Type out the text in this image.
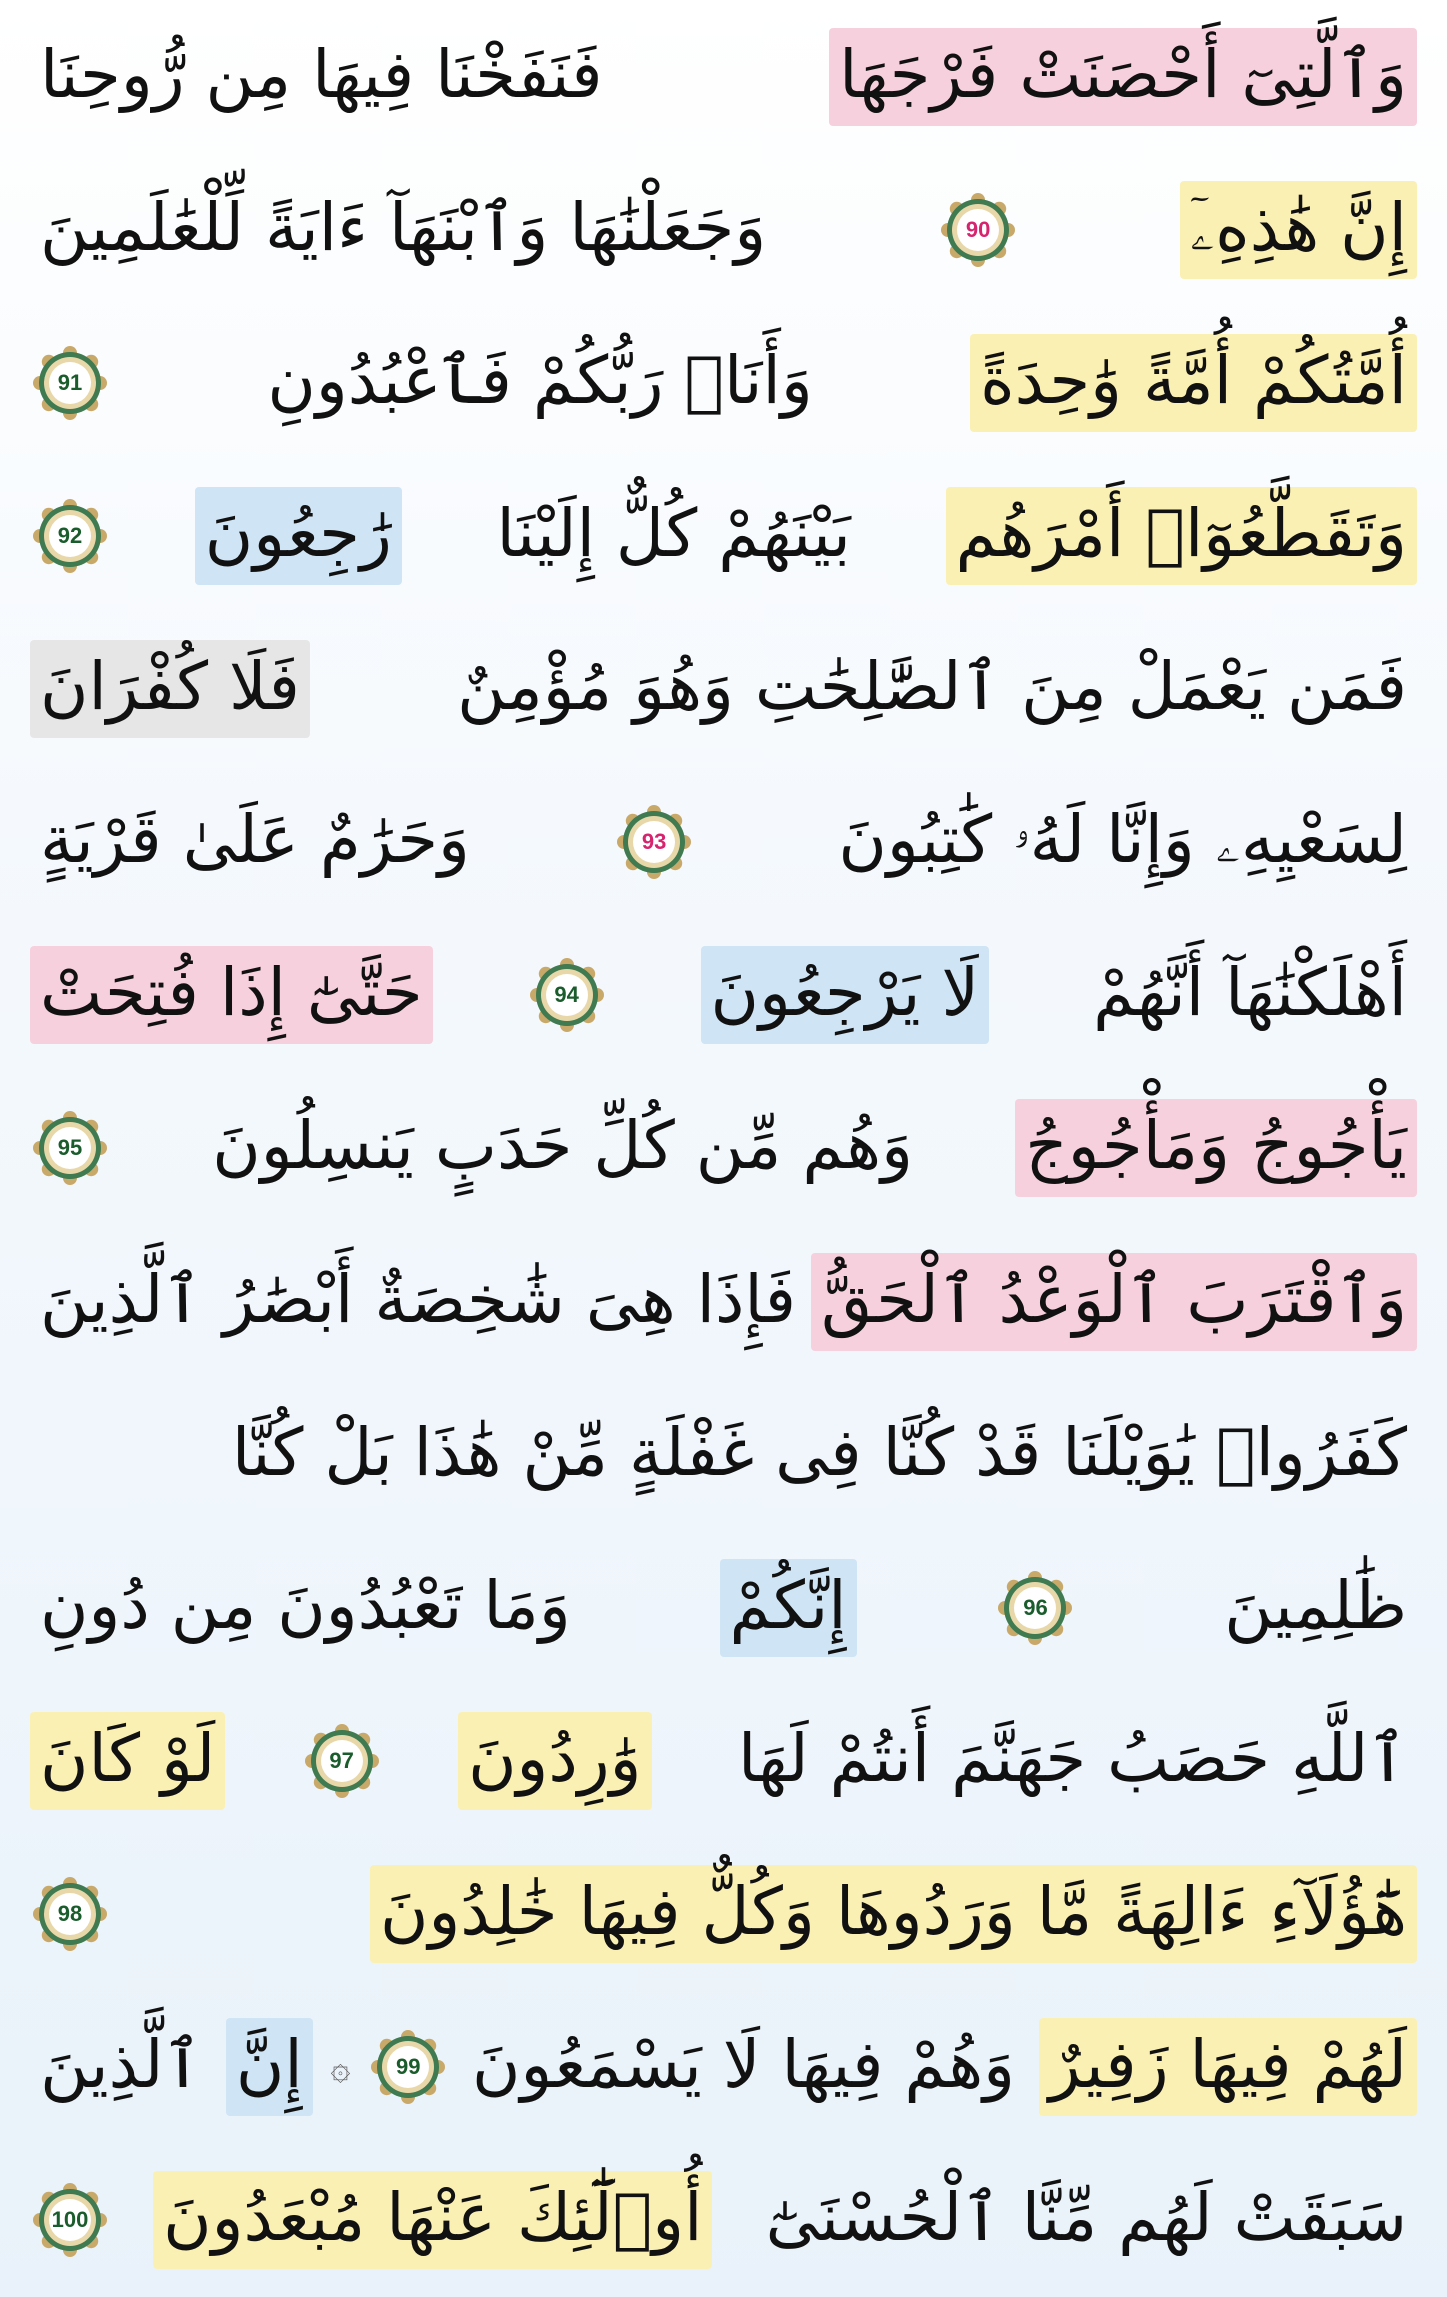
وَٱلَّتِىٓ أَحْصَنَتْ فَرْجَهَا
فَنَفَخْنَا فِيهَا مِن رُّوحِنَا
إِنَّ هَٰذِهِۦٓ
90
وَجَعَلْنَٰهَا وَٱبْنَهَآ ءَايَةً لِّلْعَٰلَمِينَ
أُمَّتُكُمْ أُمَّةً وَٰحِدَةً
وَأَنَا۠ رَبُّكُمْ فَٱعْبُدُونِ
91
وَتَقَطَّعُوٓا۟ أَمْرَهُم
بَيْنَهُمْ كُلٌّ إِلَيْنَا
رَٰجِعُونَ
92
فَمَن يَعْمَلْ مِنَ ٱلصَّٰلِحَٰتِ وَهُوَ مُؤْمِنٌ
فَلَا كُفْرَانَ
لِسَعْيِهِۦ وَإِنَّا لَهُۥ كَٰتِبُونَ
93
وَحَرَٰمٌ عَلَىٰ قَرْيَةٍ
أَهْلَكْنَٰهَآ أَنَّهُمْ
لَا يَرْجِعُونَ
94
حَتَّىٰٓ إِذَا فُتِحَتْ
يَأْجُوجُ وَمَأْجُوجُ
وَهُم مِّن كُلِّ حَدَبٍ يَنسِلُونَ
95
وَٱقْتَرَبَ ٱلْوَعْدُ ٱلْحَقُّ
فَإِذَا هِىَ شَٰخِصَةٌ أَبْصَٰرُ ٱلَّذِينَ
كَفَرُوا۟ يَٰوَيْلَنَا قَدْ كُنَّا فِى غَفْلَةٍ مِّنْ هَٰذَا بَلْ كُنَّا
ظَٰلِمِينَ
96
إِنَّكُمْ
وَمَا تَعْبُدُونَ مِن دُونِ
ٱللَّهِ حَصَبُ جَهَنَّمَ أَنتُمْ لَهَا
وَٰرِدُونَ
97
لَوْ كَانَ
هَٰٓؤُلَآءِ ءَالِهَةً مَّا وَرَدُوهَا وَكُلٌّ فِيهَا خَٰلِدُونَ
98
لَهُمْ فِيهَا زَفِيرٌ
وَهُمْ فِيهَا لَا يَسْمَعُونَ
99
۞
إِنَّ
ٱلَّذِينَ
سَبَقَتْ لَهُم مِّنَّا ٱلْحُسْنَىٰٓ
أُو۟لَٰٓئِكَ عَنْهَا مُبْعَدُونَ
100
